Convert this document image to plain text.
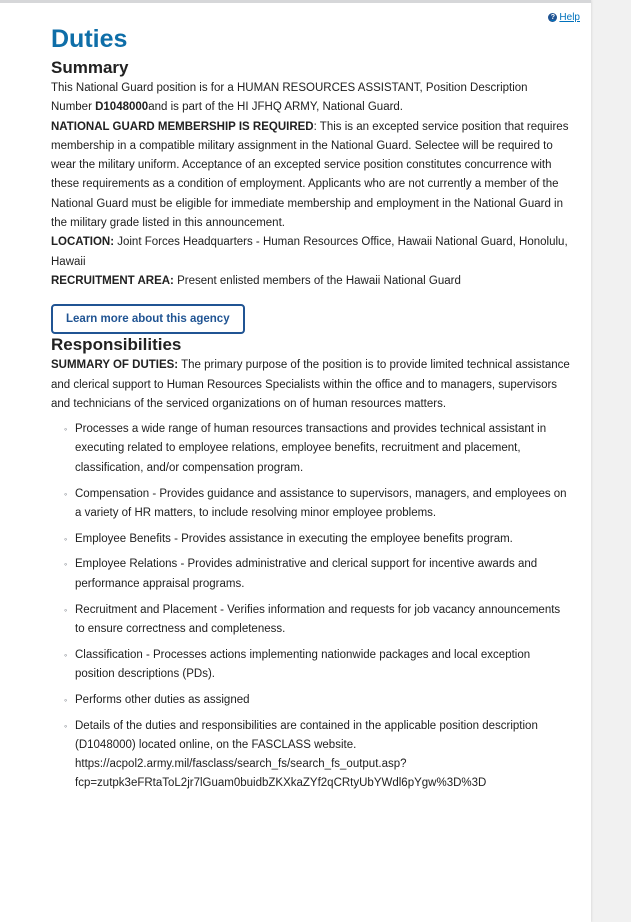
? Help
Duties
Summary

This National Guard position is for a HUMAN RESOURCES ASSISTANT, Position Description Number D1048000and is part of the HI JFHQ ARMY, National Guard.

NATIONAL GUARD MEMBERSHIP IS REQUIRED: This is an excepted service position that requires membership in a compatible military assignment in the National Guard. Selectee will be required to wear the military uniform. Acceptance of an excepted service position constitutes concurrence with these requirements as a condition of employment. Applicants who are not currently a member of the National Guard must be eligible for immediate membership and employment in the National Guard in the military grade listed in this announcement.

LOCATION: Joint Forces Headquarters - Human Resources Office, Hawaii National Guard, Honolulu, Hawaii

RECRUITMENT AREA: Present enlisted members of the Hawaii National Guard

Learn more about this agency
Responsibilities

SUMMARY OF DUTIES: The primary purpose of the position is to provide limited technical assistance and clerical support to Human Resources Specialists within the office and to managers, supervisors and technicians of the serviced organizations on of human resources matters.

◦ Processes a wide range of human resources transactions and provides technical assistant in executing related to employee relations, employee benefits, recruitment and placement, classification, and/or compensation program.
◦ Compensation - Provides guidance and assistance to supervisors, managers, and employees on a variety of HR matters, to include resolving minor employee problems.
◦ Employee Benefits - Provides assistance in executing the employee benefits program.
◦ Employee Relations - Provides administrative and clerical support for incentive awards and performance appraisal programs.
◦ Recruitment and Placement - Verifies information and requests for job vacancy announcements to ensure correctness and completeness.
◦ Classification - Processes actions implementing nationwide packages and local exception position descriptions (PDs).
◦ Performs other duties as assigned
◦ Details of the duties and responsibilities are contained in the applicable position description (D1048000) located online, on the FASCLASS website. https://acpol2.army.mil/fasclass/search_fs/search_fs_output.asp?fcp=zutpk3eFRtaToL2jr7lGuam0buidbZKXkaZYf2qCRtyUbYWdl6pYgw%3D%3D
